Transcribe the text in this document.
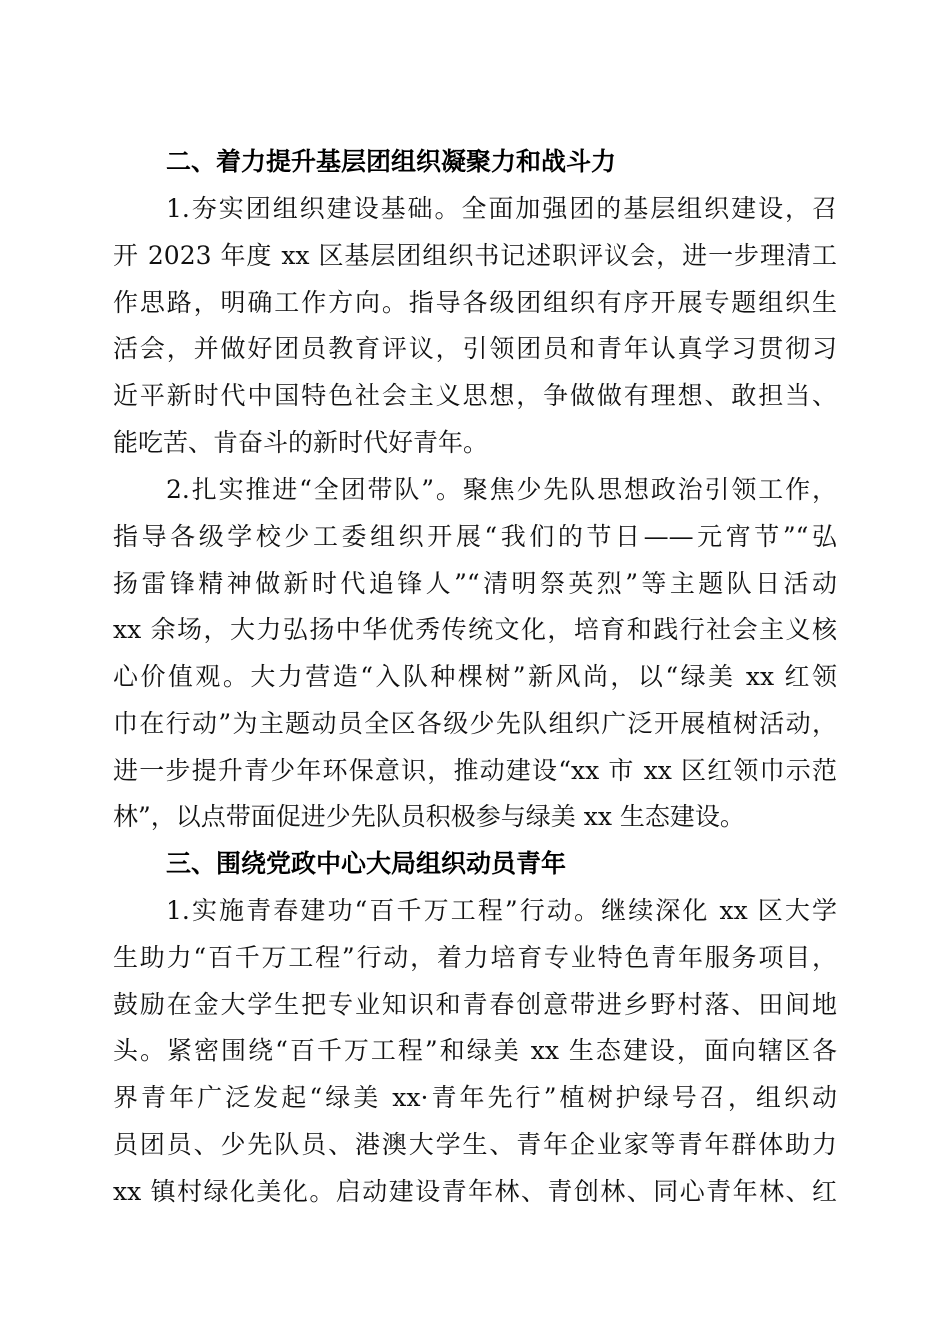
二、着力提升基层团组织凝聚力和战斗力
1.夯实团组织建设基础。全面加强团的基层组织建设，召
开 2023 年度 xx 区基层团组织书记述职评议会，进一步理清工
作思路，明确工作方向。指导各级团组织有序开展专题组织生
活会，并做好团员教育评议，引领团员和青年认真学习贯彻习
近平新时代中国特色社会主义思想，争做做有理想、敢担当、
能吃苦、肯奋斗的新时代好青年。
2.扎实推进“全团带队”。聚焦少先队思想政治引领工作，
指导各级学校少工委组织开展“我们的节日——元宵节”“弘
扬雷锋精神做新时代追锋人”“清明祭英烈”等主题队日活动
xx 余场，大力弘扬中华优秀传统文化，培育和践行社会主义核
心价值观。大力营造“入队种棵树”新风尚，以“绿美 xx 红领
巾在行动”为主题动员全区各级少先队组织广泛开展植树活动，
进一步提升青少年环保意识，推动建设“xx 市 xx 区红领巾示范
林”，以点带面促进少先队员积极参与绿美 xx 生态建设。
三、围绕党政中心大局组织动员青年
1.实施青春建功“百千万工程”行动。继续深化 xx 区大学
生助力“百千万工程”行动，着力培育专业特色青年服务项目，
鼓励在金大学生把专业知识和青春创意带进乡野村落、田间地
头。紧密围绕“百千万工程”和绿美 xx 生态建设，面向辖区各
界青年广泛发起“绿美 xx·青年先行”植树护绿号召，组织动
员团员、少先队员、港澳大学生、青年企业家等青年群体助力
xx 镇村绿化美化。启动建设青年林、青创林、同心青年林、红
